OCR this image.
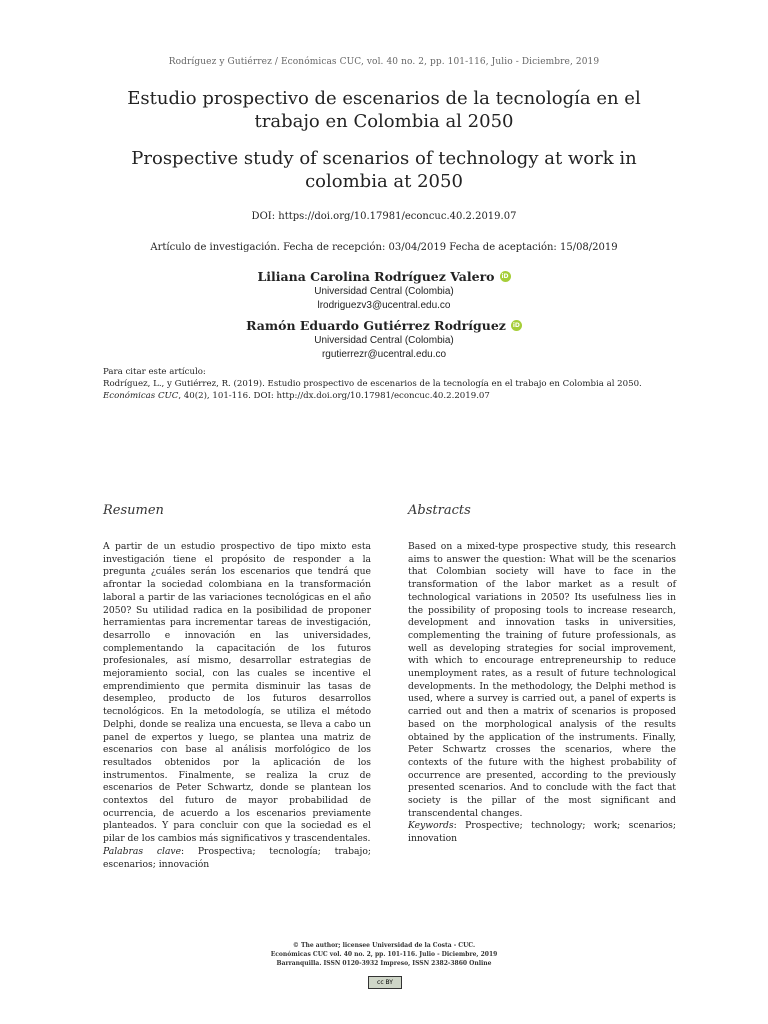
Rodríguez y Gutiérrez / Económicas CUC, vol. 40 no. 2, pp. 101-116, Julio - Diciembre, 2019
Estudio prospectivo de escenarios de la tecnología en el trabajo en Colombia al 2050
Prospective study of scenarios of technology at work in colombia at 2050
DOI: https://doi.org/10.17981/econcuc.40.2.2019.07
Artículo de investigación. Fecha de recepción: 03/04/2019 Fecha de aceptación: 15/08/2019
Liliana Carolina Rodríguez Valero	iD
Universidad Central (Colombia)
lrodriguezv3@ucentral.edu.co
Ramón Eduardo Gutiérrez Rodríguez	iD
Universidad Central (Colombia)
rgutierrezr@ucentral.edu.co
Para citar este artículo:
Rodríguez, L., y Gutiérrez, R. (2019). Estudio prospectivo de escenarios de la tecnología en el trabajo en Colombia al 2050. Económicas CUC, 40(2), 101-116. DOI: http://dx.doi.org/10.17981/econcuc.40.2.2019.07
Resumen	Abstracts

A partir de un estudio prospectivo de tipo mixto esta investigación tiene el propósito de responder a la pregunta ¿cuáles serán los escenarios que tendrá que afrontar la sociedad colombiana en la transformación laboral a partir de las variaciones tecnológicas en el año 2050? Su utilidad radica en la posibilidad de proponer herramientas para incrementar tareas de investigación, desarrollo e innovación en las universidades, complementando la capacitación de los futuros profesionales, así mismo, desarrollar estrategias de mejoramiento social, con las cuales se incentive el emprendimiento que permita disminuir las tasas de desempleo, producto de los futuros desarrollos tecnológicos. En la metodología, se utiliza el método Delphi, donde se realiza una encuesta, se lleva a cabo un panel de expertos y luego, se plantea una matriz de escenarios con base al análisis morfológico de los resultados obtenidos por la aplicación de los instrumentos. Finalmente, se realiza la cruz de escenarios de Peter Schwartz, donde se plantean los contextos del futuro de mayor probabilidad de ocurrencia, de acuerdo a los escenarios previamente planteados. Y para concluir con que la sociedad es el pilar de los cambios más significativos y trascendentales.

Palabras clave: Prospectiva; tecnología; trabajo; escenarios; innovación

Based on a mixed-type prospective study, this research aims to answer the question: What will be the scenarios that Colombian society will have to face in the transformation of the labor market as a result of technological variations in 2050? Its usefulness lies in the possibility of proposing tools to increase research, development and innovation tasks in universities, complementing the training of future professionals, as well as developing strategies for social improvement, with which to encourage entrepreneurship to reduce unemployment rates, as a result of future technological developments. In the methodology, the Delphi method is used, where a survey is carried out, a panel of experts is carried out and then a matrix of scenarios is proposed based on the morphological analysis of the results obtained by the application of the instruments. Finally, Peter Schwartz crosses the scenarios, where the contexts of the future with the highest probability of occurrence are presented, according to the previously presented scenarios. And to conclude with the fact that society is the pillar of the most significant and transcendental changes.

Keywords: Prospective; technology; work; scenarios; innovation

© The author; licensee Universidad de la Costa - CUC.
Económicas CUC vol. 40 no. 2, pp. 101-116. Julio - Diciembre, 2019
Barranquilla. ISSN 0120-3932 Impreso, ISSN 2382-3860 Online
cc BY
